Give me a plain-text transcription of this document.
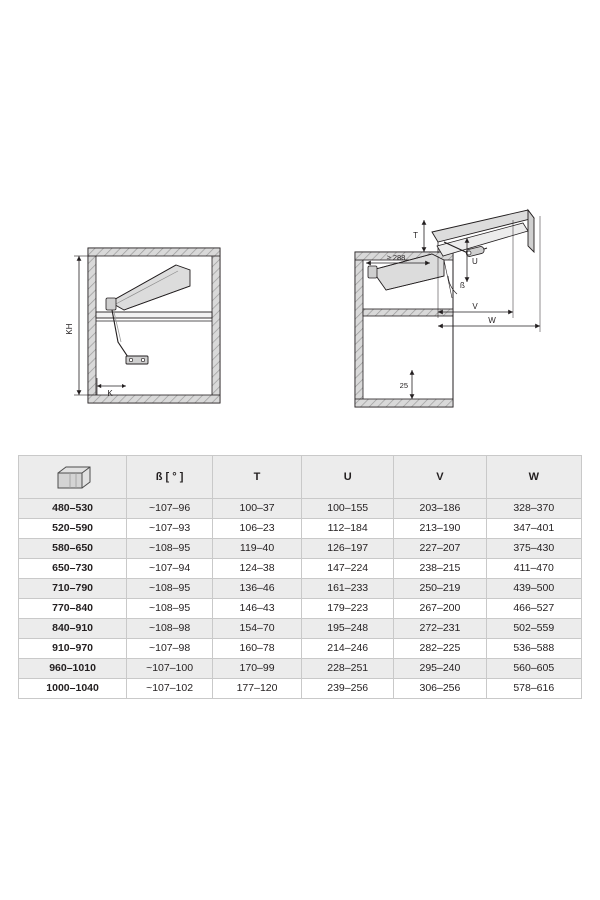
KH
K
ß
T
≥ 288	U
V
W
25
	ß [ ° ]	T	U	V	W
480–530	~107–96	100–37	100–155	203–186	328–370
520–590	~107–93	106–23	112–184	213–190	347–401
580–650	~108–95	119–40	126–197	227–207	375–430
650–730	~107–94	124–38	147–224	238–215	411–470
710–790	~108–95	136–46	161–233	250–219	439–500
770–840	~108–95	146–43	179–223	267–200	466–527
840–910	~108–98	154–70	195–248	272–231	502–559
910–970	~107–98	160–78	214–246	282–225	536–588
960–1010	~107–100	170–99	228–251	295–240	560–605
1000–1040	~107–102	177–120	239–256	306–256	578–616
